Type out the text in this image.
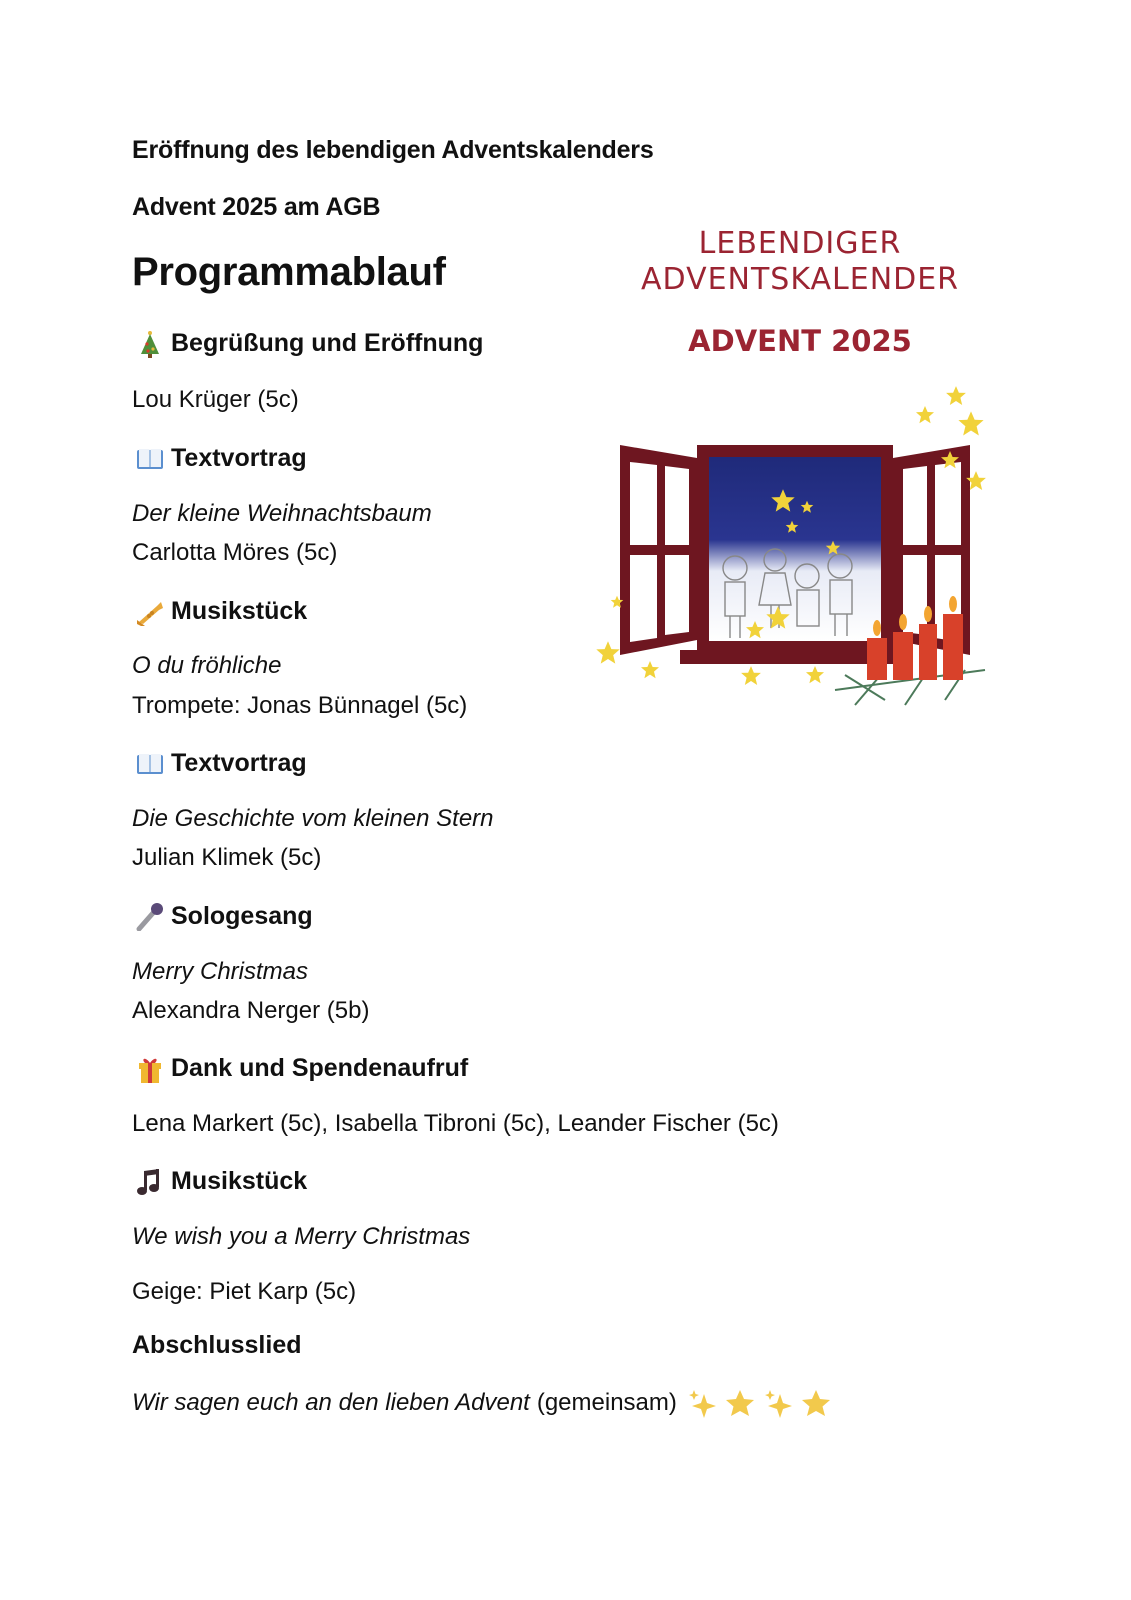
Eröffnung des lebendigen Adventskalenders
Advent 2025 am AGB
Programmablauf
LEBENDIGER
ADVENTSKALENDER
ADVENT 2025
Begrüßung und Eröffnung
Lou Krüger (5c)
Textvortrag
Der kleine Weihnachtsbaum
Carlotta Möres (5c)
Musikstück
O du fröhliche
Trompete: Jonas Bünnagel (5c)
Textvortrag
Die Geschichte vom kleinen Stern
Julian Klimek (5c)
Sologesang
Merry Christmas
Alexandra Nerger (5b)
Dank und Spendenaufruf
Lena Markert (5c), Isabella Tibroni (5c), Leander Fischer (5c)
Musikstück
We wish you a Merry Christmas
Geige: Piet Karp (5c)
Abschlusslied
Wir sagen euch an den lieben Advent (gemeinsam)
